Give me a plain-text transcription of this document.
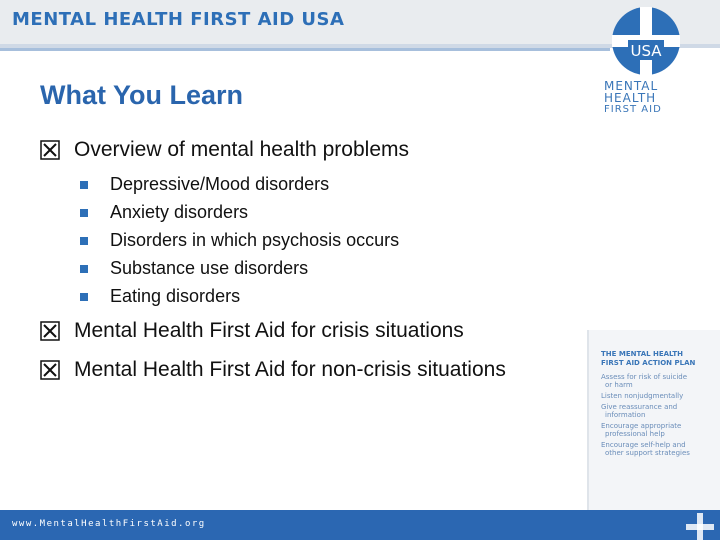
MENTAL HEALTH FIRST AID USA
USA
MENTAL
HEALTH
FIRST AID
What You Learn
Overview of mental health problems
Depressive/Mood disorders
Anxiety disorders
Disorders in which psychosis occurs
Substance use disorders
Eating disorders
Mental Health First Aid for crisis situations
Mental Health First Aid for non-crisis situations
THE MENTAL HEALTH
FIRST AID ACTION PLAN
Assess for risk of suicide
or harm
Listen nonjudgmentally
Give reassurance and
information
Encourage appropriate
professional help
Encourage self-help and
other support strategies
www.MentalHealthFirstAid.org
